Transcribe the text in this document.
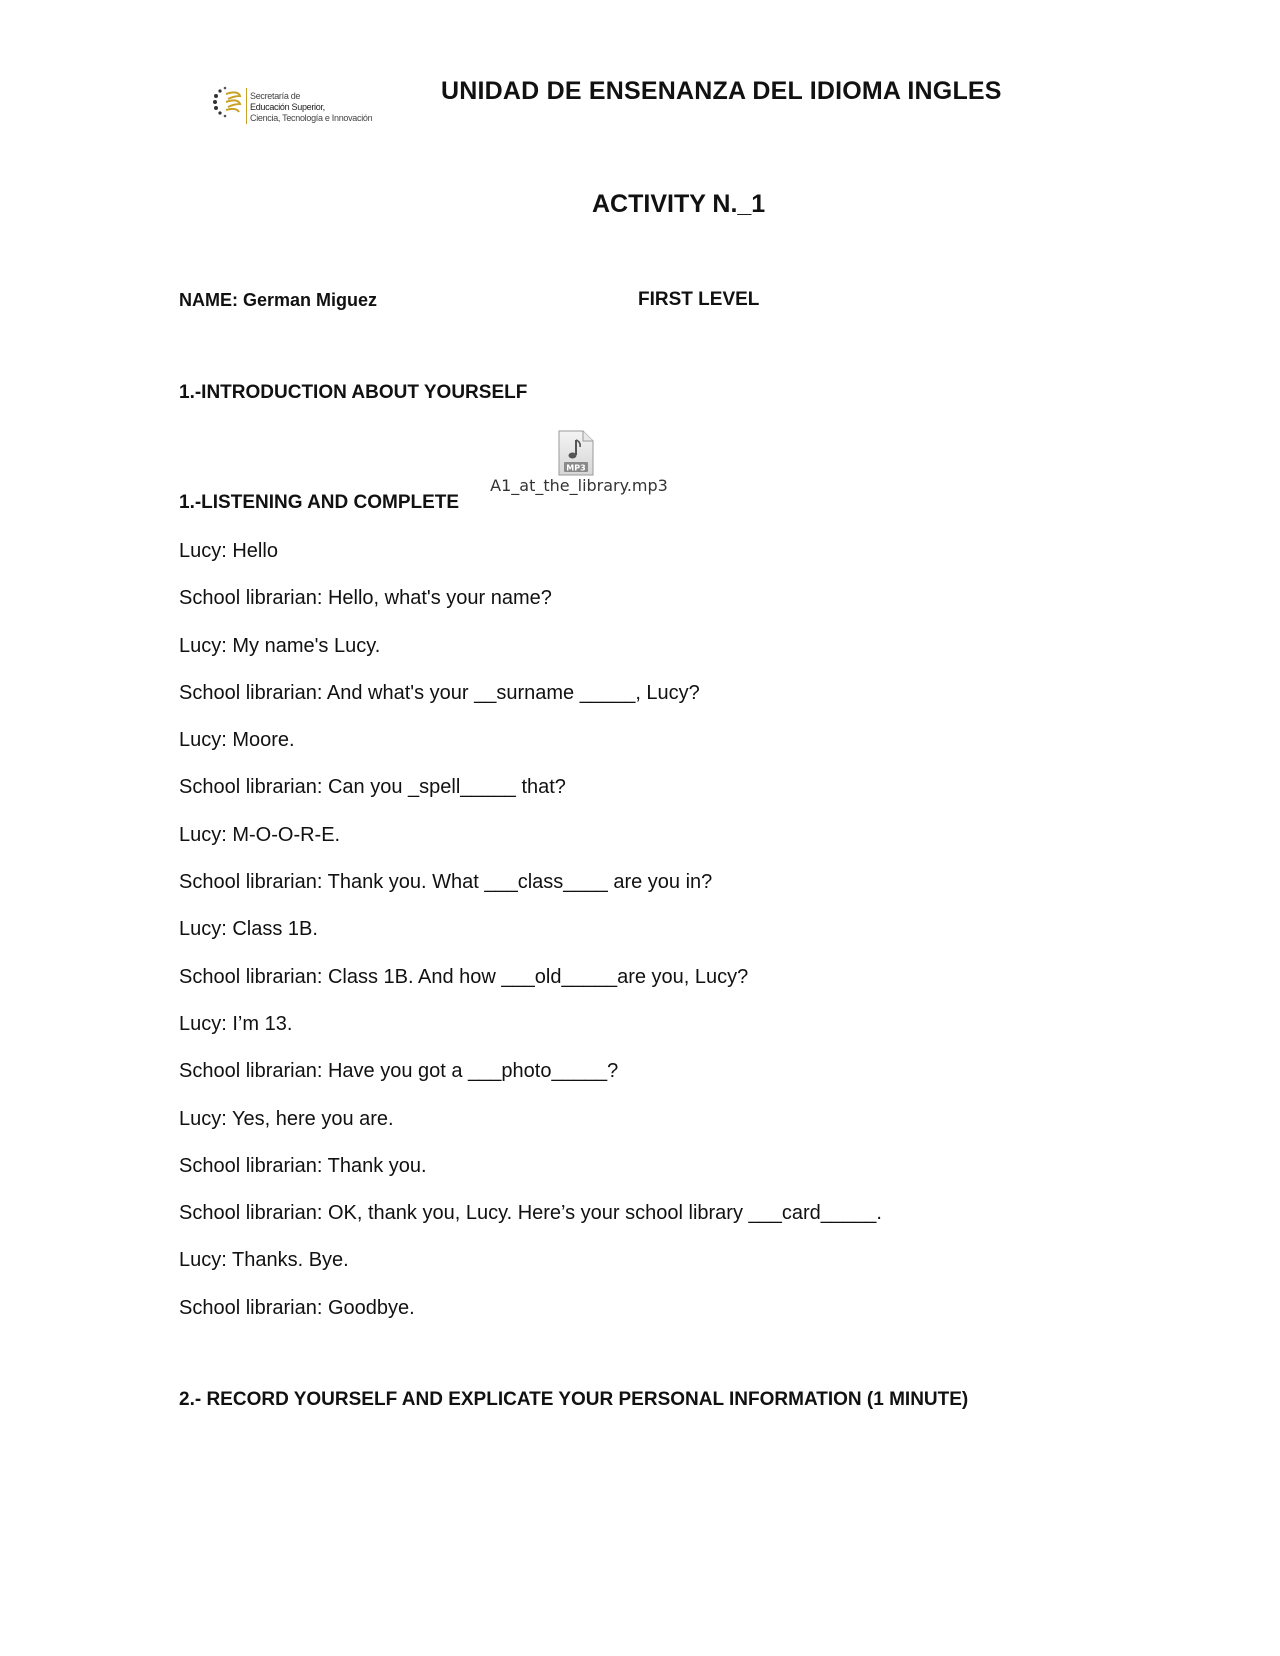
Secretaría de
Educación Superior,
Ciencia, Tecnología e Innovación
UNIDAD DE ENSENANZA DEL IDIOMA INGLES
ACTIVITY N._1
NAME: German Miguez	FIRST LEVEL
1.-INTRODUCTION ABOUT YOURSELF
MP3
A1_at_the_library.mp3
1.-LISTENING AND COMPLETE
Lucy: Hello
School librarian: Hello, what's your name?
Lucy: My name's Lucy.
School librarian: And what's your __surname _____, Lucy?
Lucy: Moore.
School librarian: Can you _spell_____ that?
Lucy: M-O-O-R-E.
School librarian: Thank you. What ___class____ are you in?
Lucy: Class 1B.
School librarian: Class 1B. And how ___old_____are you, Lucy?
Lucy: I’m 13.
School librarian: Have you got a ___photo_____?
Lucy: Yes, here you are.
School librarian: Thank you.
School librarian: OK, thank you, Lucy. Here’s your school library ___card_____.
Lucy: Thanks. Bye.
School librarian: Goodbye.
2.- RECORD YOURSELF AND EXPLICATE YOUR PERSONAL INFORMATION (1 MINUTE)
